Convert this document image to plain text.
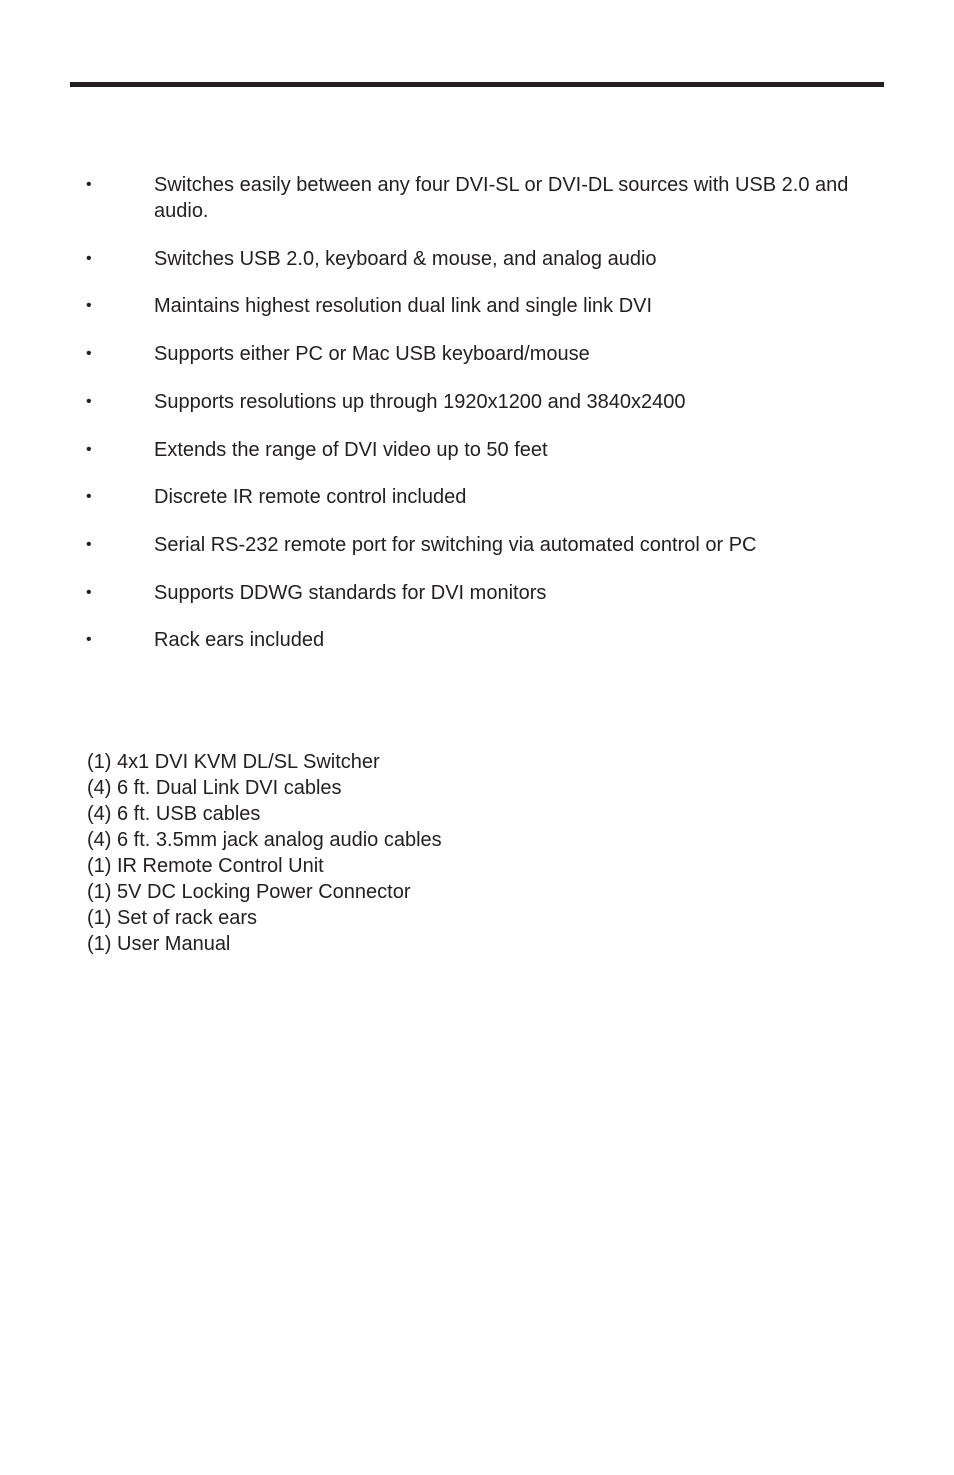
•	Switches easily between any four DVI-SL or DVI-DL sources with USB 2.0 and audio.
•	Switches USB 2.0, keyboard & mouse, and analog audio
•	Maintains highest resolution dual link and single link DVI
•	Supports either PC or Mac USB keyboard/mouse
•	Supports resolutions up through 1920x1200 and 3840x2400
•	Extends the range of DVI video up to 50 feet
•	Discrete IR remote control included
•	Serial RS-232 remote port for switching via automated control or PC
•	Supports DDWG standards for DVI monitors
•	Rack ears included
(1) 4x1 DVI KVM DL/SL Switcher
(4) 6 ft. Dual Link DVI cables
(4) 6 ft. USB cables
(4) 6 ft. 3.5mm jack analog audio cables
(1) IR Remote Control Unit
(1) 5V DC Locking Power Connector
(1) Set of rack ears
(1) User Manual
